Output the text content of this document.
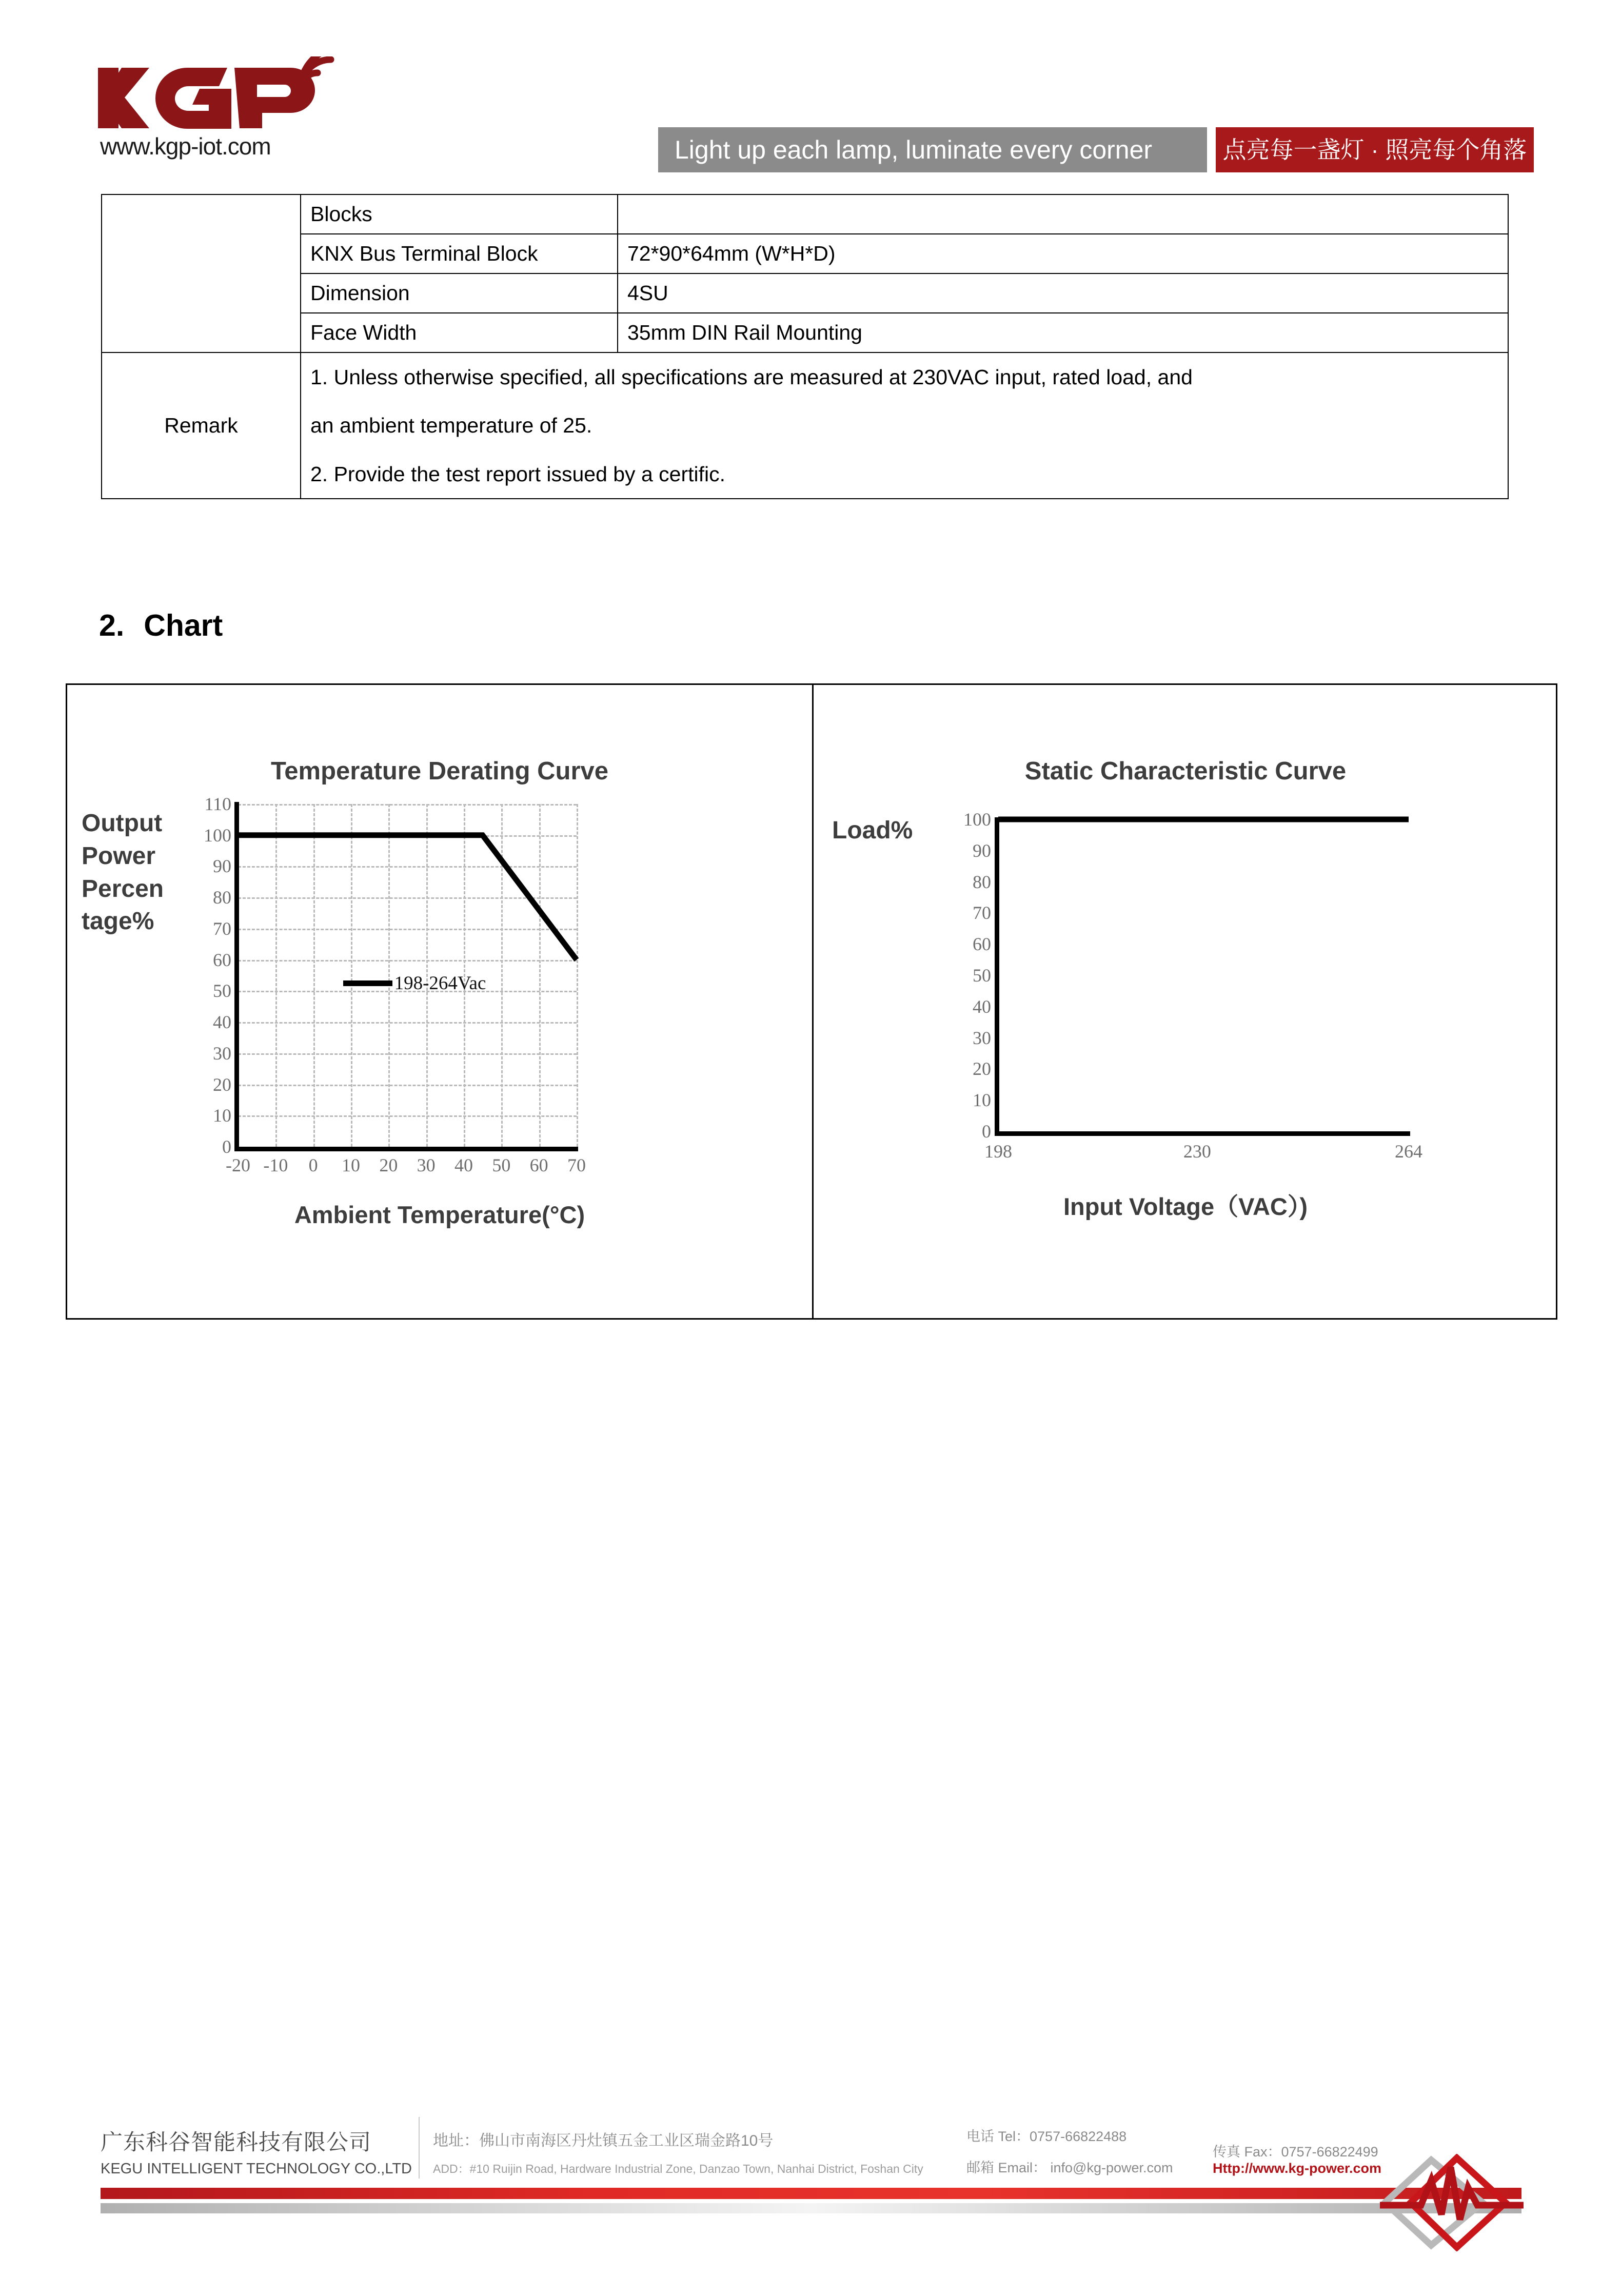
www.kgp-iot.com	Light up each lamp, luminate every corner	点亮每一盏灯 · 照亮每个角落
	Blocks	
	KNX Bus Terminal Block	72*90*64mm (W*H*D)
	Dimension	4SU
	Face Width	35mm DIN Rail Mounting
Remark	1. Unless otherwise specified, all specifications are measured at 230VAC input, rated load, and

an ambient temperature of 25.

2. Provide the test report issued by a certific.	

2. Chart
Temperature Derating Curve
Output
Power
Percen
tage%
0
10
20
30
40
50
60
70
80
90
100
110
198-264Vac
-20 -10 0 10 20 30 40 50 60 70
Ambient Temperature(°C)
Static Characteristic Curve
Load%
0
10
20
30
40
50
60
70
80
90
100
198	230	264
Input Voltage（VAC）)
广东科谷智能科技有限公司
KEGU INTELLIGENT TECHNOLOGY CO.,LTD
地址：佛山市南海区丹灶镇五金工业区瑞金路10号
ADD：#10 Ruijin Road, Hardware Industrial Zone, Danzao Town, Nanhai District, Foshan City
电话 Tel：0757-66822488
邮箱 Email： info@kg-power.com
传真 Fax：0757-66822499
Http://www.kg-power.com
